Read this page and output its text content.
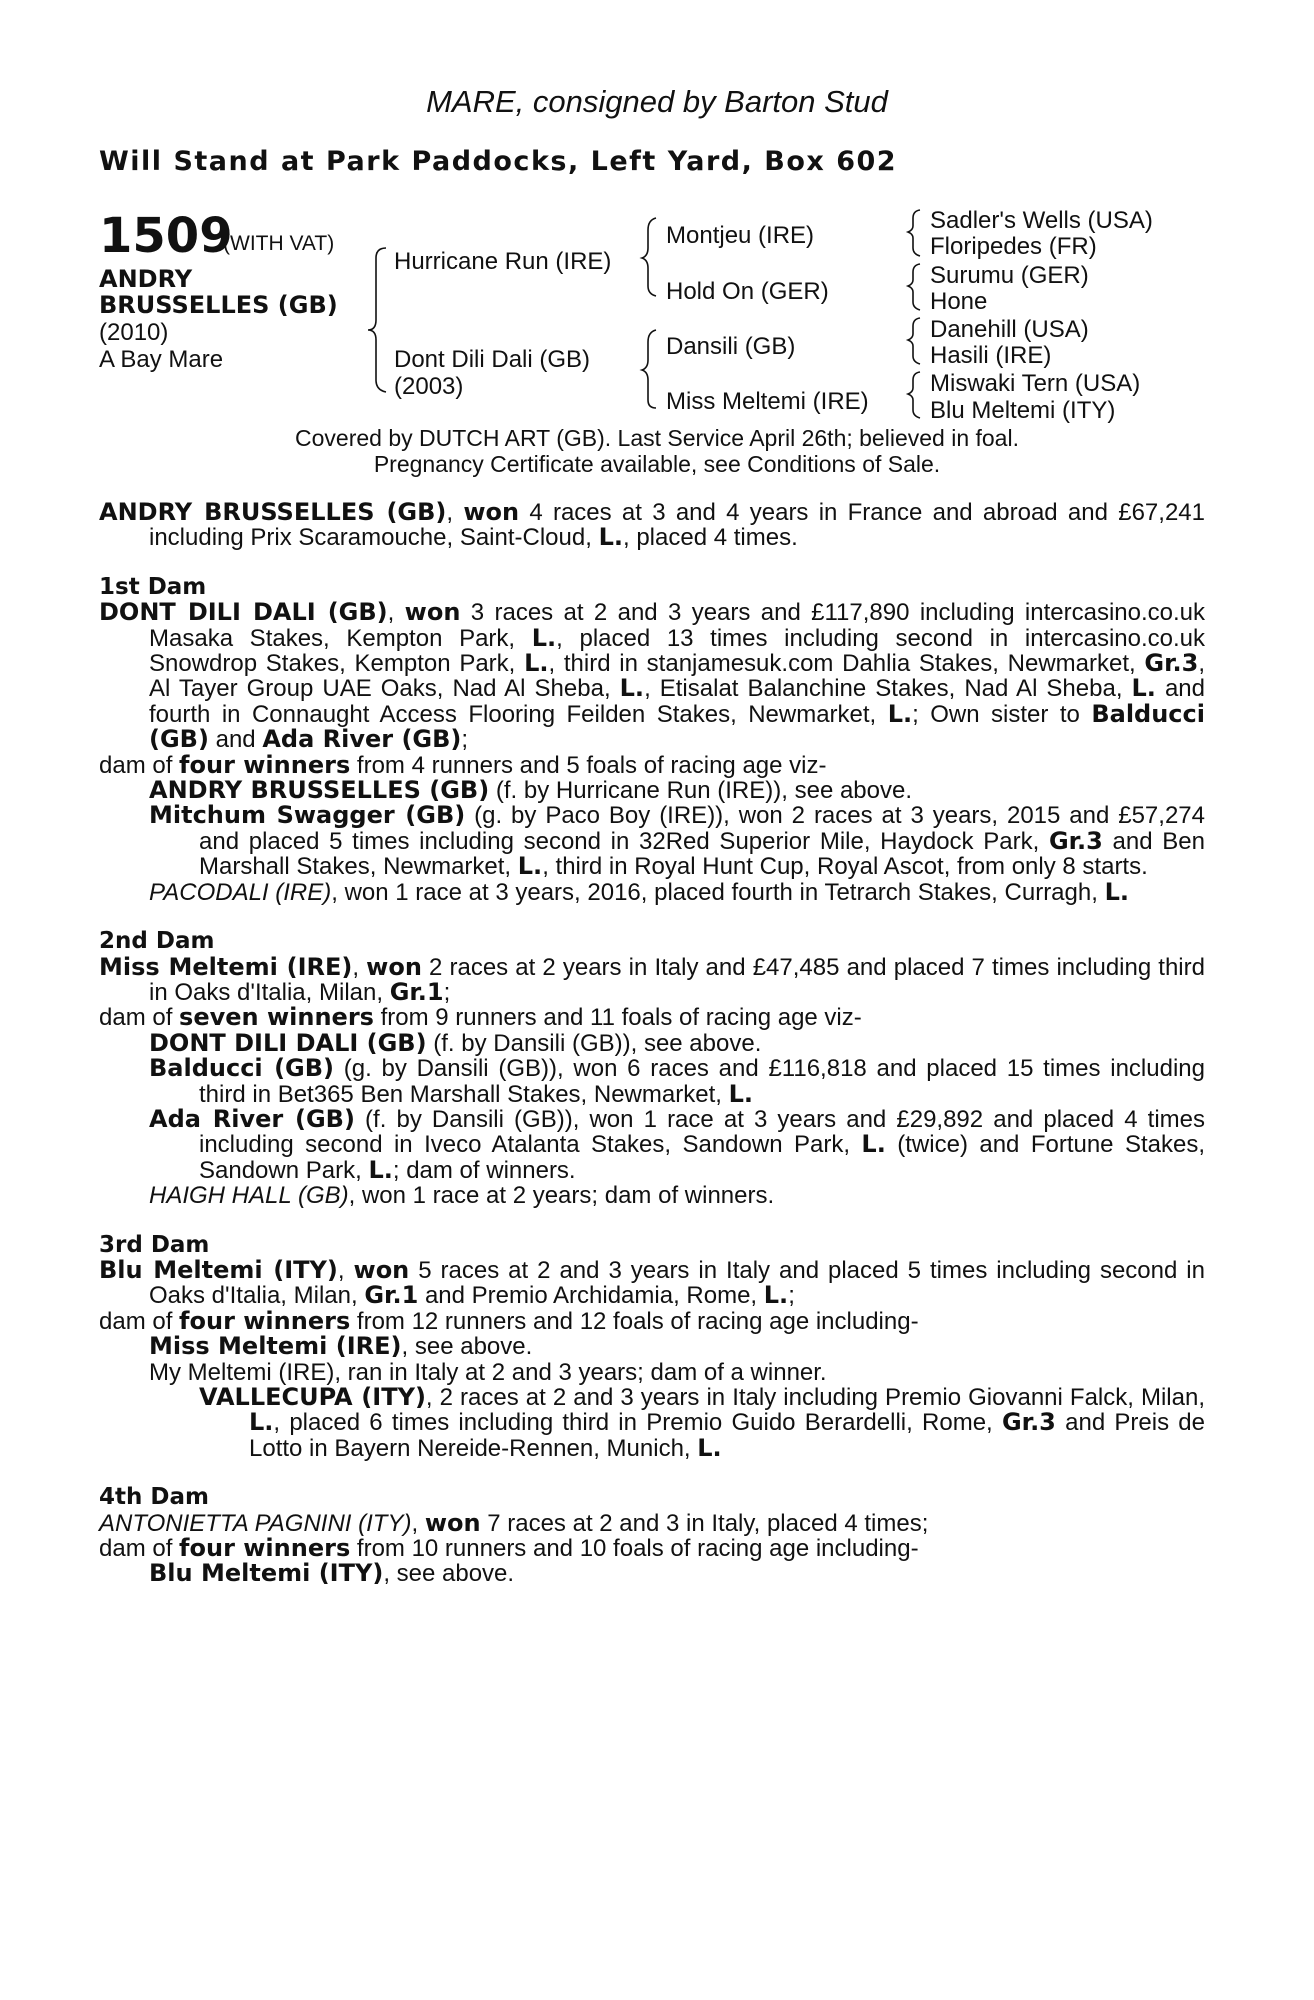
MARE, consigned by Barton Stud
Will Stand at Park Paddocks, Left Yard, Box 602
1509
(WITH VAT)
ANDRY
BRUSSELLES (GB)
(2010)
A Bay Mare
Hurricane Run (IRE)
Dont Dili Dali (GB)
(2003)
Montjeu (IRE)
Hold On (GER)
Dansili (GB)
Miss Meltemi (IRE)
Sadler's Wells (USA)
Floripedes (FR)
Surumu (GER)
Hone
Danehill (USA)
Hasili (IRE)
Miswaki Tern (USA)
Blu Meltemi (ITY)
Covered by DUTCH ART (GB). Last Service April 26th; believed in foal.
Pregnancy Certificate available, see Conditions of Sale.

ANDRY BRUSSELLES (GB), won 4 races at 3 and 4 years in France and abroad and £67,241 including Prix Scaramouche, Saint-Cloud, L., placed 4 times.

1st Dam

DONT DILI DALI (GB), won 3 races at 2 and 3 years and £117,890 including intercasino.co.uk Masaka Stakes, Kempton Park, L., placed 13 times including second in intercasino.co.uk Snowdrop Stakes, Kempton Park, L., third in stanjamesuk.com Dahlia Stakes, Newmarket, Gr.3, Al Tayer Group UAE Oaks, Nad Al Sheba, L., Etisalat Balanchine Stakes, Nad Al Sheba, L. and fourth in Connaught Access Flooring Feilden Stakes, Newmarket, L.; Own sister to Balducci (GB) and Ada River (GB);

dam of four winners from 4 runners and 5 foals of racing age viz-

ANDRY BRUSSELLES (GB) (f. by Hurricane Run (IRE)), see above.

Mitchum Swagger (GB) (g. by Paco Boy (IRE)), won 2 races at 3 years, 2015 and £57,274 and placed 5 times including second in 32Red Superior Mile, Haydock Park, Gr.3 and Ben Marshall Stakes, Newmarket, L., third in Royal Hunt Cup, Royal Ascot, from only 8 starts.

PACODALI (IRE), won 1 race at 3 years, 2016, placed fourth in Tetrarch Stakes, Curragh, L.

2nd Dam

Miss Meltemi (IRE), won 2 races at 2 years in Italy and £47,485 and placed 7 times including third in Oaks d'Italia, Milan, Gr.1;

dam of seven winners from 9 runners and 11 foals of racing age viz-

DONT DILI DALI (GB) (f. by Dansili (GB)), see above.

Balducci (GB) (g. by Dansili (GB)), won 6 races and £116,818 and placed 15 times including third in Bet365 Ben Marshall Stakes, Newmarket, L.

Ada River (GB) (f. by Dansili (GB)), won 1 race at 3 years and £29,892 and placed 4 times including second in Iveco Atalanta Stakes, Sandown Park, L. (twice) and Fortune Stakes, Sandown Park, L.; dam of winners.

HAIGH HALL (GB), won 1 race at 2 years; dam of winners.

3rd Dam

Blu Meltemi (ITY), won 5 races at 2 and 3 years in Italy and placed 5 times including second in Oaks d'Italia, Milan, Gr.1 and Premio Archidamia, Rome, L.;

dam of four winners from 12 runners and 12 foals of racing age including-

Miss Meltemi (IRE), see above.

My Meltemi (IRE), ran in Italy at 2 and 3 years; dam of a winner.

VALLECUPA (ITY), 2 races at 2 and 3 years in Italy including Premio Giovanni Falck, Milan, L., placed 6 times including third in Premio Guido Berardelli, Rome, Gr.3 and Preis de Lotto in Bayern Nereide-Rennen, Munich, L.

4th Dam

ANTONIETTA PAGNINI (ITY), won 7 races at 2 and 3 in Italy, placed 4 times;

dam of four winners from 10 runners and 10 foals of racing age including-

Blu Meltemi (ITY), see above.
